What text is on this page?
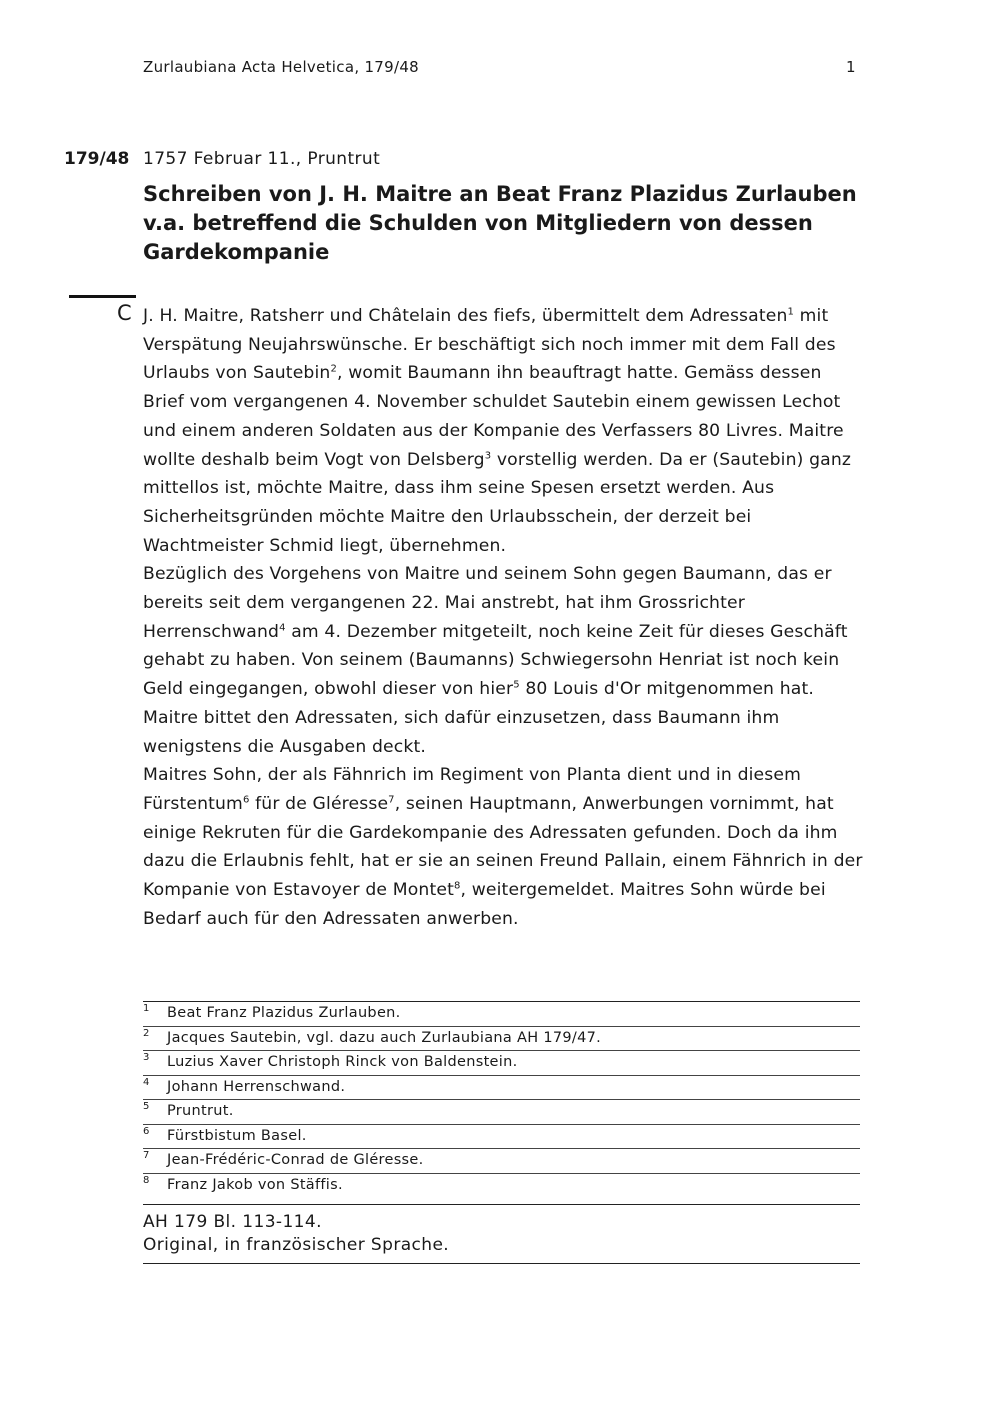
Zurlaubiana Acta Helvetica, 179/48	1
179/48 1757 Februar 11., Pruntrut
Schreiben von J. H. Maitre an Beat Franz Plazidus Zurlauben v.a. betreffend die Schulden von Mitgliedern von dessen Gardekompanie
C J. H. Maitre, Ratsherr und Châtelain des fiefs, übermittelt dem Adressaten$^1$ mit Verspätung Neujahrswünsche. Er beschäftigt sich noch immer mit dem Fall des Urlaubs von Sautebin$^2$, womit Baumann ihn beauftragt hatte. Gemäss dessen Brief vom vergangenen 4. November schuldet Sautebin einem gewissen Lechot und einem anderen Soldaten aus der Kompanie des Verfassers 80 Livres. Maitre wollte deshalb beim Vogt von Delsberg$^3$ vorstellig werden. Da er (Sautebin) ganz mittellos ist, möchte Maitre, dass ihm seine Spesen ersetzt werden. Aus Sicherheitsgründen möchte Maitre den Urlaubsschein, der derzeit bei Wachtmeister Schmid liegt, übernehmen.

Bezüglich des Vorgehens von Maitre und seinem Sohn gegen Baumann, das er bereits seit dem vergangenen 22. Mai anstrebt, hat ihm Grossrichter Herrenschwand$^4$ am 4. Dezember mitgeteilt, noch keine Zeit für dieses Geschäft gehabt zu haben. Von seinem (Baumanns) Schwiegersohn Henriat ist noch kein Geld eingegangen, obwohl dieser von hier$^5$ 80 Louis d'Or mitgenommen hat.

Maitre bittet den Adressaten, sich dafür einzusetzen, dass Baumann ihm wenigstens die Ausgaben deckt.

Maitres Sohn, der als Fähnrich im Regiment von Planta dient und in diesem Fürstentum$^6$ für de Gléresse$^7$, seinen Hauptmann, Anwerbungen vornimmt, hat einige Rekruten für die Gardekompanie des Adressaten gefunden. Doch da ihm dazu die Erlaubnis fehlt, hat er sie an seinen Freund Pallain, einem Fähnrich in der Kompanie von Estavoyer de Montet$^8$, weitergemeldet. Maitres Sohn würde bei Bedarf auch für den Adressaten anwerben.

1 Beat Franz Plazidus Zurlauben.
2 Jacques Sautebin, vgl. dazu auch Zurlaubiana AH 179/47.
3 Luzius Xaver Christoph Rinck von Baldenstein.
4 Johann Herrenschwand.
5 Pruntrut.
6 Fürstbistum Basel.
7 Jean-Frédéric-Conrad de Gléresse.
8 Franz Jakob von Stäffis.
AH 179 Bl. 113-114.
Original, in französischer Sprache.
